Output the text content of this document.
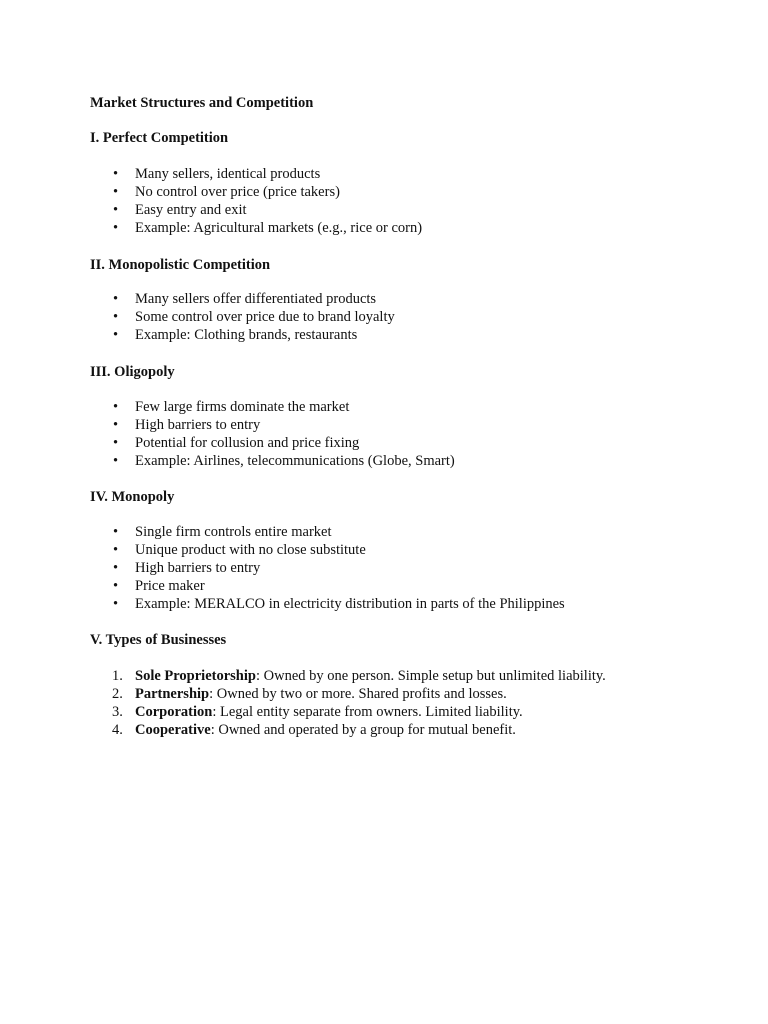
Market Structures and Competition
I. Perfect Competition
• Many sellers, identical products
• No control over price (price takers)
• Easy entry and exit
• Example: Agricultural markets (e.g., rice or corn)
II. Monopolistic Competition
• Many sellers offer differentiated products
• Some control over price due to brand loyalty
• Example: Clothing brands, restaurants
III. Oligopoly
• Few large firms dominate the market
• High barriers to entry
• Potential for collusion and price fixing
• Example: Airlines, telecommunications (Globe, Smart)
IV. Monopoly
• Single firm controls entire market
• Unique product with no close substitute
• High barriers to entry
• Price maker
• Example: MERALCO in electricity distribution in parts of the Philippines
V. Types of Businesses
1. Sole Proprietorship: Owned by one person. Simple setup but unlimited liability.
2. Partnership: Owned by two or more. Shared profits and losses.
3. Corporation: Legal entity separate from owners. Limited liability.
4. Cooperative: Owned and operated by a group for mutual benefit.
